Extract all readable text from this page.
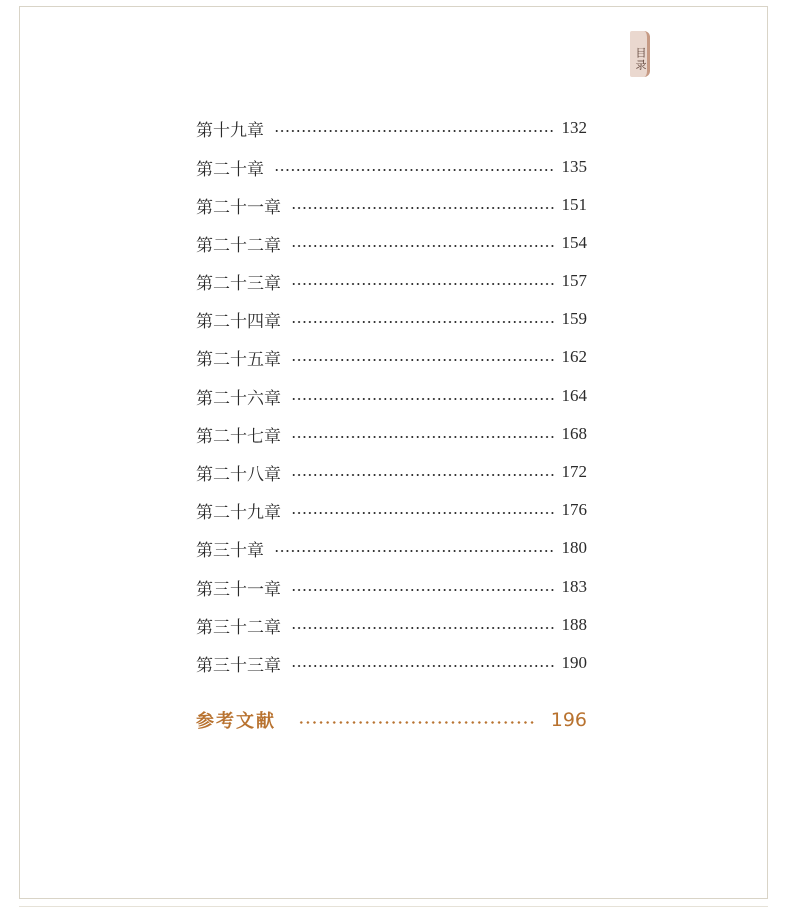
目录
第十九章	132
第二十章	135
第二十一章	151
第二十二章	154
第二十三章	157
第二十四章	159
第二十五章	162
第二十六章	164
第二十七章	168
第二十八章	172
第二十九章	176
第三十章	180
第三十一章	183
第三十二章	188
第三十三章	190
参考文献	196
